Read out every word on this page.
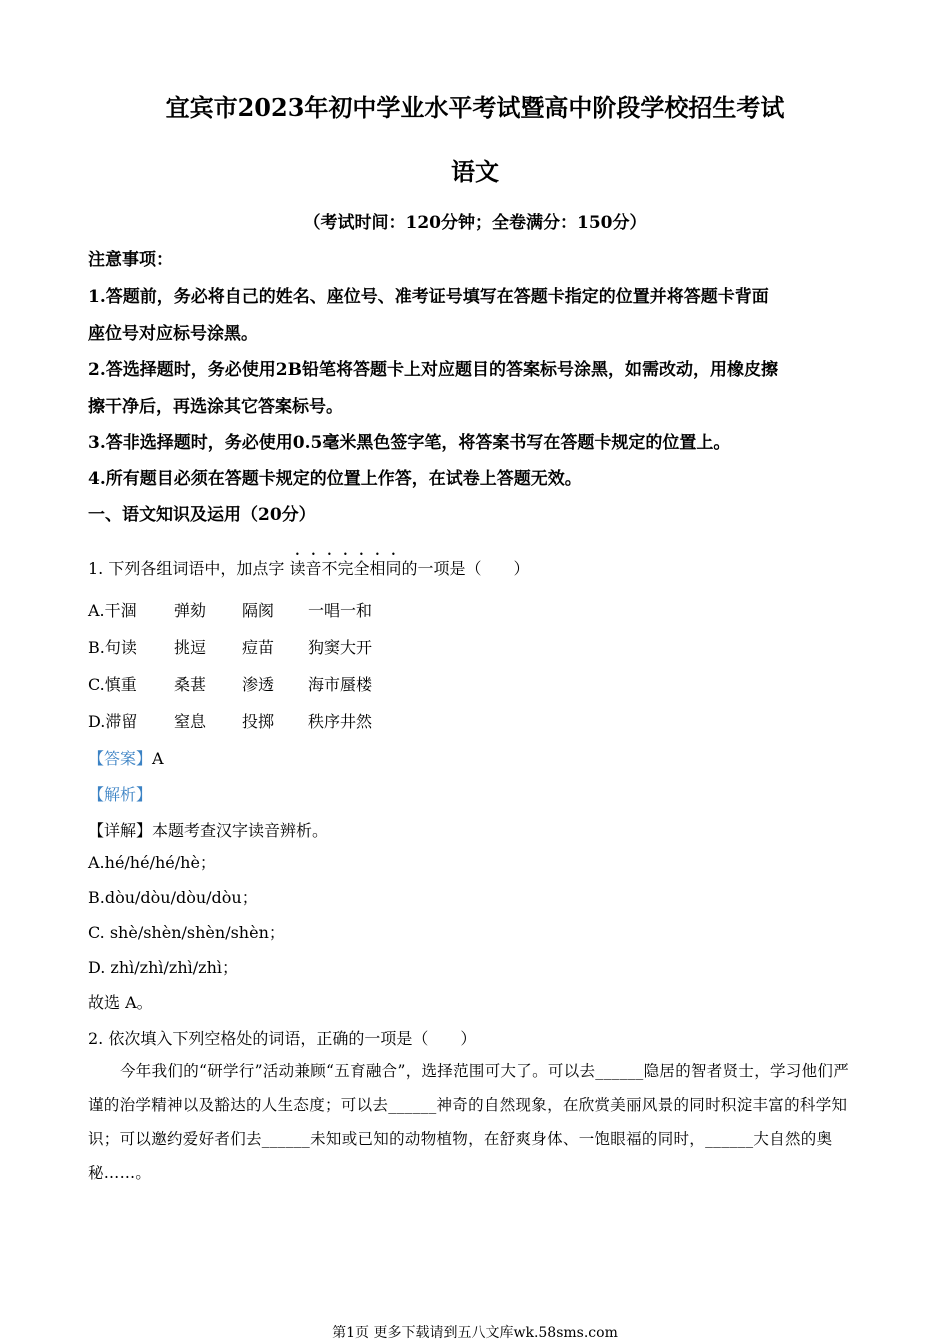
宜宾市2023年初中学业水平考试暨高中阶段学校招生考试
语文
（考试时间：120分钟；全卷满分：150分）
注意事项：
1.答题前，务必将自己的姓名、座位号、准考证号填写在答题卡指定的位置并将答题卡背面
座位号对应标号涂黑。
2.答选择题时，务必使用2B铅笔将答题卡上对应题目的答案标号涂黑，如需改动，用橡皮擦
擦干净后，再选涂其它答案标号。
3.答非选择题时，务必使用0.5毫米黑色签字笔，将答案书写在答题卡规定的位置上。
4.所有题目必须在答题卡规定的位置上作答，在试卷上答题无效。
一、语文知识及运用（20分）
1. 下列各组词语中，加点字 读音不完全相同的一项是（　　）
A.干涸 弹劾 隔阂 一唱一和
B.句读 挑逗 痘苗 狗窦大开
C.慎重 桑葚 渗透 海市蜃楼
D.滞留 窒息 投掷 秩序井然
【答案】A
【解析】
【详解】本题考查汉字读音辨析。
A.hé/hé/hé/hè；
B.dòu/dòu/dòu/dòu；
C. shè/shèn/shèn/shèn；
D. zhì/zhì/zhì/zhì；
故选 A。
2. 依次填入下列空格处的词语，正确的一项是（　　）
今年我们的“研学行”活动兼顾“五育融合”，选择范围可大了。可以去______隐居的智者贤士，学习他们严谨的治学精神以及豁达的人生态度；可以去______神奇的自然现象，在欣赏美丽风景的同时积淀丰富的科学知识；可以邀约爱好者们去______未知或已知的动物植物，在舒爽身体、一饱眼福的同时，______大自然的奥秘……。
第1页 更多下载请到五八文库wk.58sms.com
